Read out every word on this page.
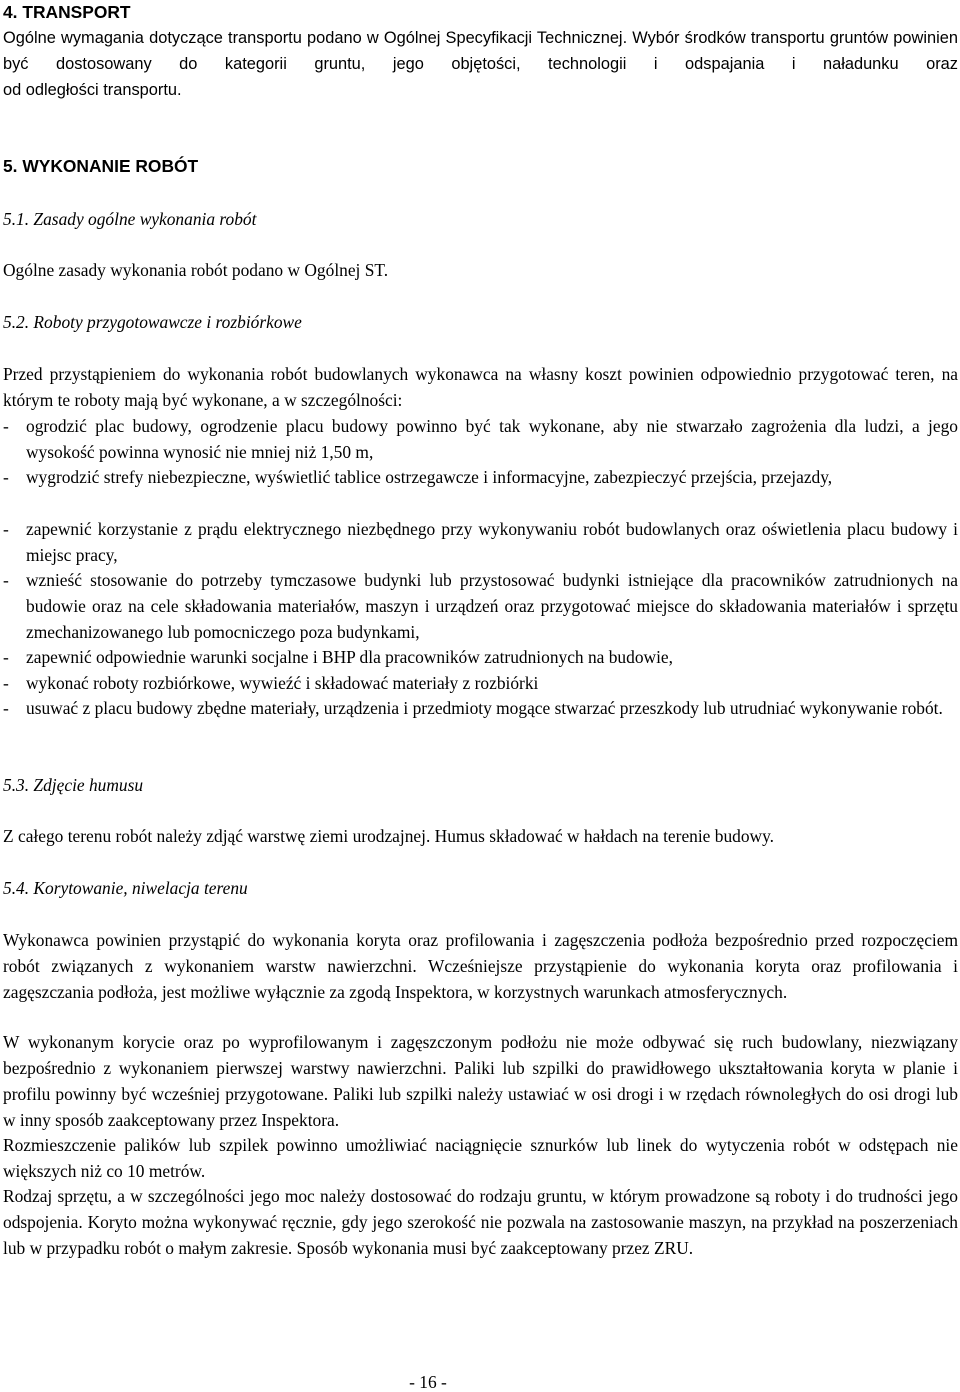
4. TRANSPORT
Ogólne wymagania dotyczące transportu podano w Ogólnej Specyfikacji Technicznej. Wybór środków transportu gruntów powinien być dostosowany do kategorii gruntu, jego objętości, technologii i odspajania i naładunku oraz
od odległości transportu.
5. WYKONANIE ROBÓT
5.1. Zasady ogólne wykonania robót
Ogólne zasady wykonania robót podano w Ogólnej ST.
5.2. Roboty przygotowawcze i rozbiórkowe
Przed przystąpieniem do wykonania robót budowlanych wykonawca na własny koszt powinien odpowiednio przygotować teren, na którym te roboty mają być wykonane, a w szczególności:
- ogrodzić plac budowy, ogrodzenie placu budowy powinno być tak wykonane, aby nie stwarzało zagrożenia dla ludzi, a jego wysokość powinna wynosić nie mniej niż 1,50 m,
- wygrodzić strefy niebezpieczne, wyświetlić tablice ostrzegawcze i informacyjne, zabezpieczyć przejścia, przejazdy,
- zapewnić korzystanie z prądu elektrycznego niezbędnego przy wykonywaniu robót budowlanych oraz oświetlenia placu budowy i miejsc pracy,
- wznieść stosowanie do potrzeby tymczasowe budynki lub przystosować budynki istniejące dla pracowników zatrudnionych na budowie oraz na cele składowania materiałów, maszyn i urządzeń oraz przygotować miejsce do składowania materiałów i sprzętu zmechanizowanego lub pomocniczego poza budynkami,
- zapewnić odpowiednie warunki socjalne i BHP dla pracowników zatrudnionych na budowie,
- wykonać roboty rozbiórkowe, wywieźć i składować materiały z rozbiórki
- usuwać z placu budowy zbędne materiały, urządzenia i przedmioty mogące stwarzać przeszkody lub utrudniać wykonywanie robót.
5.3. Zdjęcie humusu
Z całego terenu robót należy zdjąć warstwę ziemi urodzajnej. Humus składować w hałdach na terenie budowy.
5.4. Korytowanie, niwelacja terenu
Wykonawca powinien przystąpić do wykonania koryta oraz profilowania i zagęszczenia podłoża bezpośrednio przed rozpoczęciem robót związanych z wykonaniem warstw nawierzchni. Wcześniejsze przystąpienie do wykonania koryta oraz profilowania i zagęszczania podłoża, jest możliwe wyłącznie za zgodą Inspektora, w korzystnych warunkach atmosferycznych.
W wykonanym korycie oraz po wyprofilowanym i zagęszczonym podłożu nie może odbywać się ruch budowlany, niezwiązany bezpośrednio z wykonaniem pierwszej warstwy nawierzchni. Paliki lub szpilki do prawidłowego ukształtowania koryta w planie i profilu powinny być wcześniej przygotowane. Paliki lub szpilki należy ustawiać w osi drogi i w rzędach równoległych do osi drogi lub w inny sposób zaakceptowany przez Inspektora.
Rozmieszczenie palików lub szpilek powinno umożliwiać naciągnięcie sznurków lub linek do wytyczenia robót w odstępach nie większych niż co 10 metrów.
Rodzaj sprzętu, a w szczególności jego moc należy dostosować do rodzaju gruntu, w którym prowadzone są roboty i do trudności jego odspojenia. Koryto można wykonywać ręcznie, gdy jego szerokość nie pozwala na zastosowanie maszyn, na przykład na poszerzeniach lub w przypadku robót o małym zakresie. Sposób wykonania musi być zaakceptowany przez ZRU.
- 16 -
